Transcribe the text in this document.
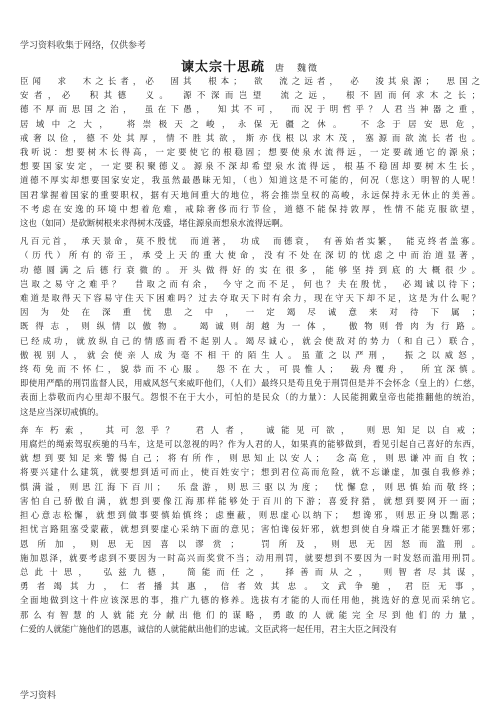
学习资料收集于网络，仅供参考
谏太宗十思疏 唐　魏徵

臣闻　求　木之长者，必　固其　根本；　欲　流之远者，　必　浚其泉源；　思国之

安者，必　积其德　义。　源不深而岂望　流之远，　根不固而何求木之长；

德不厚而思国之治，　虽在下愚，　知其不可，　而况于明哲乎？人君当神器之重，

居域中之大，　将崇极天之峻，永保无疆之休。　不念于居安思危，

戒奢以俭，德不处其厚，情不胜其欲，斯亦伐根以求木茂，塞源而欲流长者也。

我听说：想要树木长得高，一定要使它的根稳固；想要使泉水流得远，一定要疏通它的源泉；

想要国家安定，一定要积聚德义。源泉不深却希望泉水流得远，根基不稳固却要树木生长，

道德不厚实却想要国家安定，我虽然最愚昧无知，（也）知道这是不可能的，何况（您这）明智的人呢！

国君掌握着国家的重要职权，据有天地间重大的地位，将会推崇皇权的高峻，永远保持永无休止的美善。

不考虑在安逸的环境中想着危难，戒除奢侈而行节俭，道德不能保持敦厚，性情不能克服欲望，

这也（如同）是砍断树根来求得树木茂盛，堵住源泉而想泉水流得远啊。

凡百元首，　承天景命，莫不殷忧　而道著，　功成　而德衰，　有善始者实繁，　能克终者盖寡。

（历代）所有的帝王，承受上天的重大使命，没有不处在深切的忧虑之中而治道显著，

功德圆满之后德行衰微的。开头做得好的实在很多，能够坚持到底的大概很少。

岂取之易守之难乎？　昔取之而有余，　今守之而不足，何也？夫在殷忧，　必竭诚以待下；

难道是取得天下容易守住天下困难吗？过去夺取天下时有余力，现在守天下却不足，这是为什么呢？

因为处在深重忧患之中，一定竭尽诚意来对待下属；

既得志，则纵情以傲物。　竭诚则胡越为一体，　傲物则骨肉为行路。

已经成功，就放纵自己的情感而看不起别人。竭尽诚心，就会使敌对的势力（和自己）联合，

傲视别人，就会使亲人成为毫不相干的陌生人。虽董之以严刑，　振之以威怒，

终苟免而不怀仁，貌恭而不心服。　怨不在大，可畏惟人；　载舟覆舟，　所宜深慎。

即使用严酷的刑罚监督人民，用威风怒气来威吓他们，（人们）最终只是苟且免于刑罚但是并不会怀念（皇上的）仁慈，

表面上恭敬而内心里却不服气。怨恨不在于大小，可怕的是民众（的力量）：人民能拥戴皇帝也能推翻他的统治，

这是应当深切戒慎的。

奔车朽索，　其可忽乎？　君人者，　诚能见可欲，　则思知足以自戒；

用腐烂的绳索驾驭疾驰的马车，这是可以忽视的吗？作为人君的人，如果真的能够做到，看见引起自己喜好的东西，

就想到要知足来警惕自己；将有所作，则思知止以安人；　念高危，则思谦冲而自牧；

将要兴建什么建筑，就要想到适可而止，使百姓安宁；想到君位高而危险，就不忘谦虚，加强自我修养；

惧满溢，则思江海下百川；　乐盘游，则思三驱以为度；　忧懈怠，则思慎始而敬终；

害怕自己骄傲自满，就想到要像江海那样能够处于百川的下游；喜爱狩猎，就想到要网开一面；

担心意志松懈，就想到做事要慎始慎终；虑壅蔽，则思虚心以纳下；　想谗邪，则思正身以黜恶；

担忧言路阻塞受蒙蔽，就想到要虚心采纳下面的意见；害怕谗佞奸邪，就想到使自身端正才能罢黜奸邪；

恩所加，则思无因喜以谬赏；　罚所及，则思无因怒而滥刑。

施加恩泽，就要考虑到不要因为一时高兴而奖赏不当；动用刑罚，就要想到不要因为一时发怒而滥用刑罚。

总此十思，　弘兹九德，　简能而任之，　择善而从之，　则智者尽其谋，

勇者竭其力，仁者播其惠，信者效其忠。文武争驰，君臣无事，

全面地做到这十件应该深思的事，推广九德的修养。选拔有才能的人而任用他，挑选好的意见而采纳它。

那么有智慧的人就能充分献出他们的谋略，勇敢的人就能完全尽到他们的力量，

仁爱的人就能广施他们的恩惠，诚信的人就能献出他们的忠诚。文臣武将一起任用，君主大臣之间没有

学习资料
